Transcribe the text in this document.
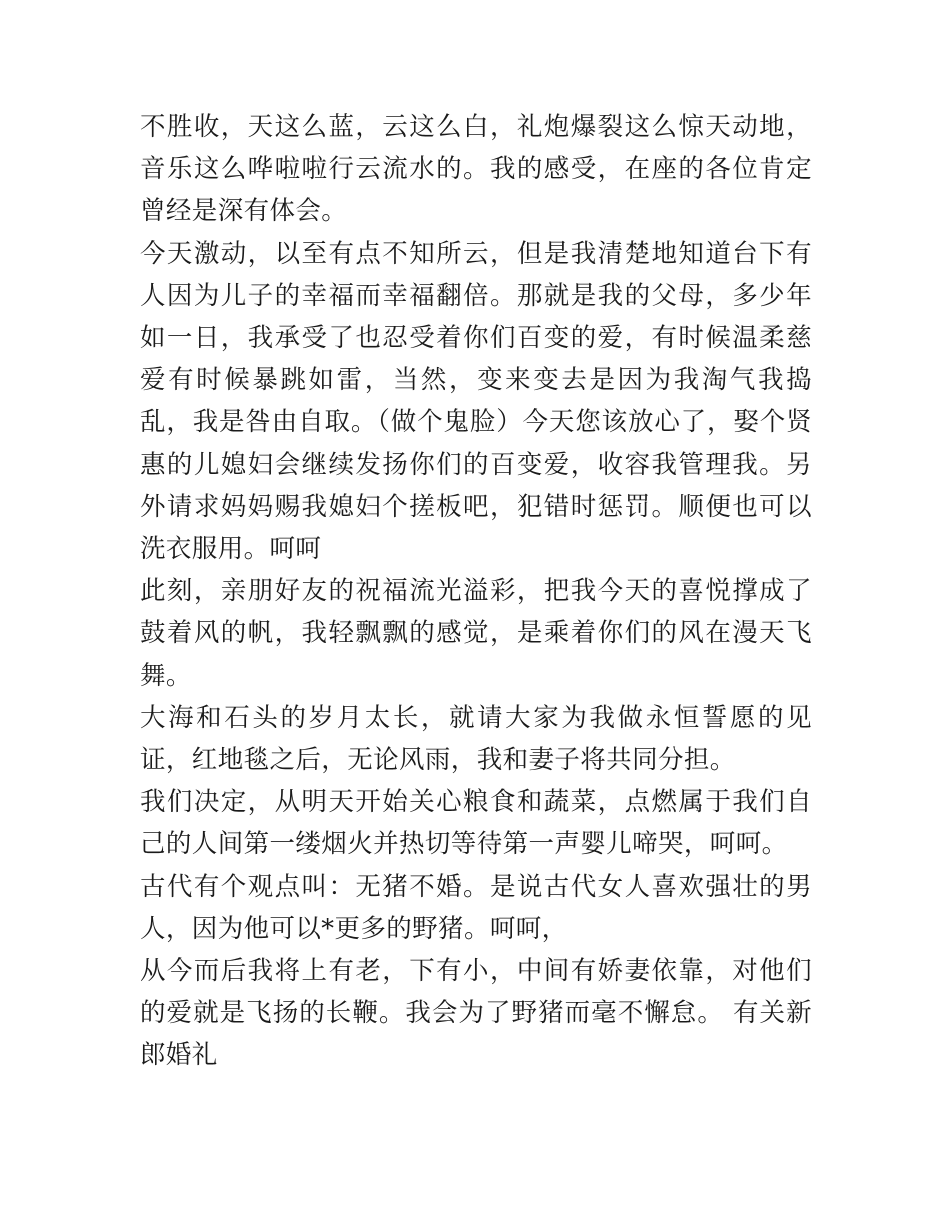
不胜收，天这么蓝，云这么白，礼炮爆裂这么惊天动地，音乐这么哗啦啦行云流水的。我的感受，在座的各位肯定曾经是深有体会。

今天激动，以至有点不知所云，但是我清楚地知道台下有人因为儿子的幸福而幸福翻倍。那就是我的父母，多少年如一日，我承受了也忍受着你们百变的爱，有时候温柔慈爱有时候暴跳如雷，当然，变来变去是因为我淘气我捣乱，我是咎由自取。（做个鬼脸）今天您该放心了，娶个贤惠的儿媳妇会继续发扬你们的百变爱，收容我管理我。另外请求妈妈赐我媳妇个搓板吧，犯错时惩罚。顺便也可以洗衣服用。呵呵

此刻，亲朋好友的祝福流光溢彩，把我今天的喜悦撑成了鼓着风的帆，我轻飘飘的感觉，是乘着你们的风在漫天飞舞。

大海和石头的岁月太长，就请大家为我做永恒誓愿的见证，红地毯之后，无论风雨，我和妻子将共同分担。

我们决定，从明天开始关心粮食和蔬菜，点燃属于我们自己的人间第一缕烟火并热切等待第一声婴儿啼哭，呵呵。

古代有个观点叫：无猪不婚。是说古代女人喜欢强壮的男人，因为他可以*更多的野猪。呵呵，

从今而后我将上有老，下有小，中间有娇妻依靠，对他们的爱就是飞扬的长鞭。我会为了野猪而毫不懈怠。 有关新郎婚礼
